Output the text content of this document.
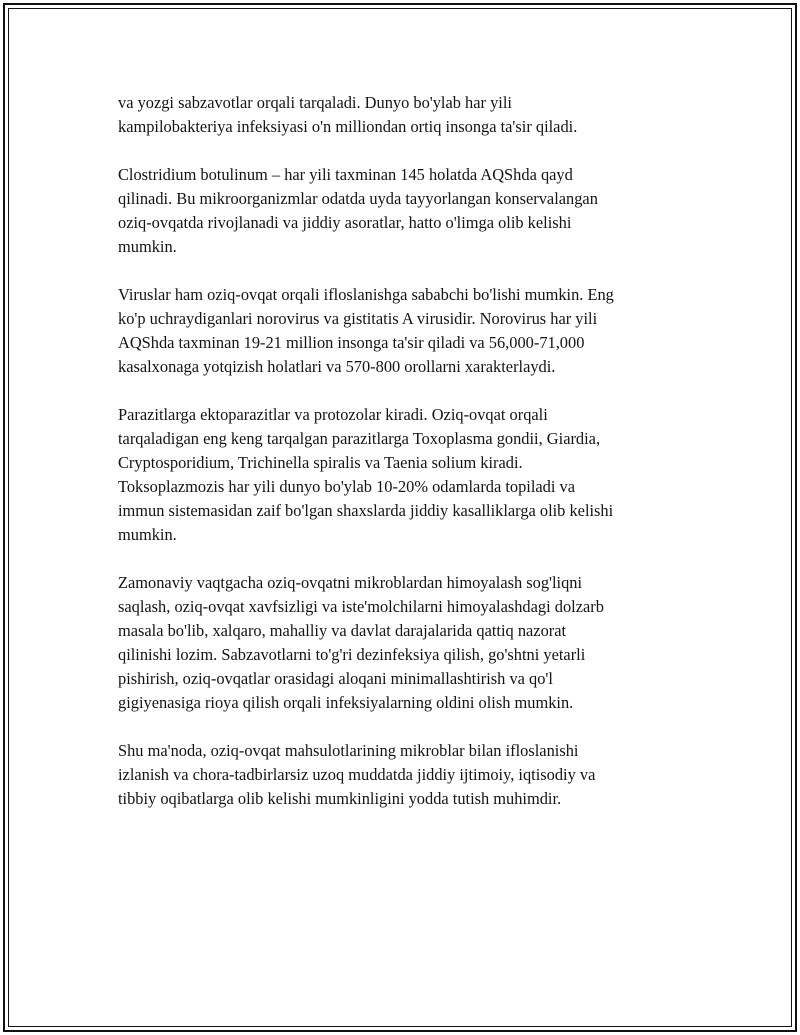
va yozgi sabzavotlar orqali tarqaladi. Dunyo bo'ylab har yili
kampilobakteriya infeksiyasi o'n milliondan ortiq insonga ta'sir qiladi.

Clostridium botulinum – har yili taxminan 145 holatda AQShda qayd
qilinadi. Bu mikroorganizmlar odatda uyda tayyorlangan konservalangan
oziq-ovqatda rivojlanadi va jiddiy asoratlar, hatto o'limga olib kelishi
mumkin.

Viruslar ham oziq-ovqat orqali ifloslanishga sababchi bo'lishi mumkin. Eng
ko'p uchraydiganlari norovirus va gistitatis A virusidir. Norovirus har yili
AQShda taxminan 19-21 million insonga ta'sir qiladi va 56,000-71,000
kasalxonaga yotqizish holatlari va 570-800 orollarni xarakterlaydi.

Parazitlarga ektoparazitlar va protozolar kiradi. Oziq-ovqat orqali
tarqaladigan eng keng tarqalgan parazitlarga Toxoplasma gondii, Giardia,
Cryptosporidium, Trichinella spiralis va Taenia solium kiradi.
Toksoplazmozis har yili dunyo bo'ylab 10-20% odamlarda topiladi va
immun sistemasidan zaif bo'lgan shaxslarda jiddiy kasalliklarga olib kelishi
mumkin.

Zamonaviy vaqtgacha oziq-ovqatni mikroblardan himoyalash sog'liqni
saqlash, oziq-ovqat xavfsizligi va iste'molchilarni himoyalashdagi dolzarb
masala bo'lib, xalqaro, mahalliy va davlat darajalarida qattiq nazorat
qilinishi lozim. Sabzavotlarni to'g'ri dezinfeksiya qilish, go'shtni yetarli
pishirish, oziq-ovqatlar orasidagi aloqani minimallashtirish va qo'l
gigiyenasiga rioya qilish orqali infeksiyalarning oldini olish mumkin.

Shu ma'noda, oziq-ovqat mahsulotlarining mikroblar bilan ifloslanishi
izlanish va chora-tadbirlarsiz uzoq muddatda jiddiy ijtimoiy, iqtisodiy va
tibbiy oqibatlarga olib kelishi mumkinligini yodda tutish muhimdir.
